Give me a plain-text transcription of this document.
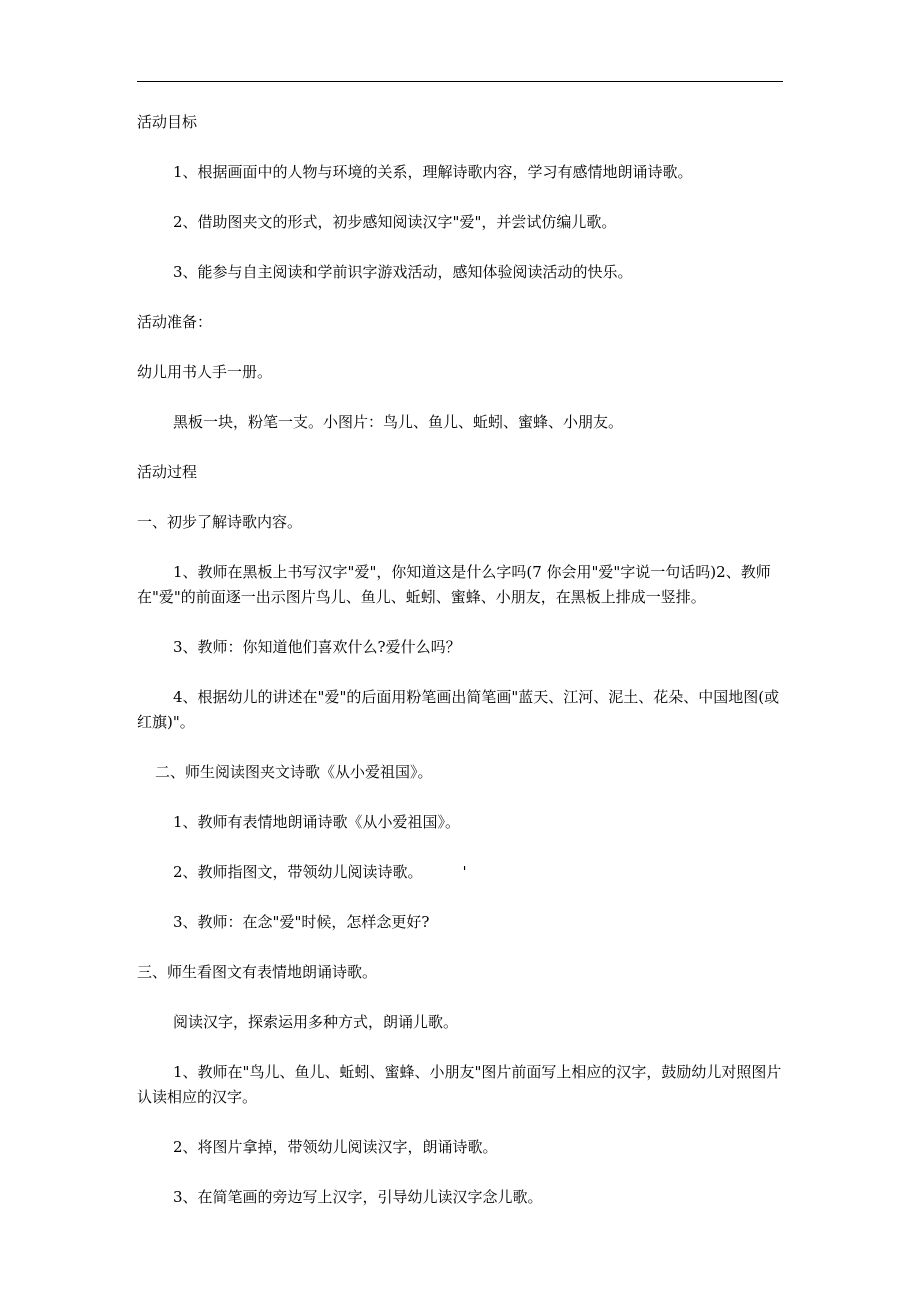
活动目标

1、根据画面中的人物与环境的关系，理解诗歌内容，学习有感情地朗诵诗歌。

2、借助图夹文的形式，初步感知阅读汉字"爱"，并尝试仿编儿歌。

3、能参与自主阅读和学前识字游戏活动，感知体验阅读活动的快乐。

活动准备：

幼儿用书人手一册。

黑板一块，粉笔一支。小图片：鸟儿、鱼儿、蚯蚓、蜜蜂、小朋友。

活动过程

一、初步了解诗歌内容。

1、教师在黑板上书写汉字"爱"，你知道这是什么字吗(7 你会用"爱"字说一句话吗)2、教师在"爱"的前面逐一出示图片鸟儿、鱼儿、蚯蚓、蜜蜂、小朋友，在黑板上排成一竖排。

3、教师：你知道他们喜欢什么?爱什么吗？

4、根据幼儿的讲述在"爱"的后面用粉笔画出简笔画"蓝天、江河、泥土、花朵、中国地图(或红旗)"。

二、师生阅读图夹文诗歌《从小爱祖国》。

1、教师有表情地朗诵诗歌《从小爱祖国》。

2、教师指图文，带领幼儿阅读诗歌。	'

3、教师：在念"爱"时候，怎样念更好?

三、师生看图文有表情地朗诵诗歌。

阅读汉字，探索运用多种方式，朗诵儿歌。

1、教师在"鸟儿、鱼儿、蚯蚓、蜜蜂、小朋友"图片前面写上相应的汉字，鼓励幼儿对照图片认读相应的汉字。

2、将图片拿掉，带领幼儿阅读汉字，朗诵诗歌。

3、在简笔画的旁边写上汉字，引导幼儿读汉字念儿歌。
